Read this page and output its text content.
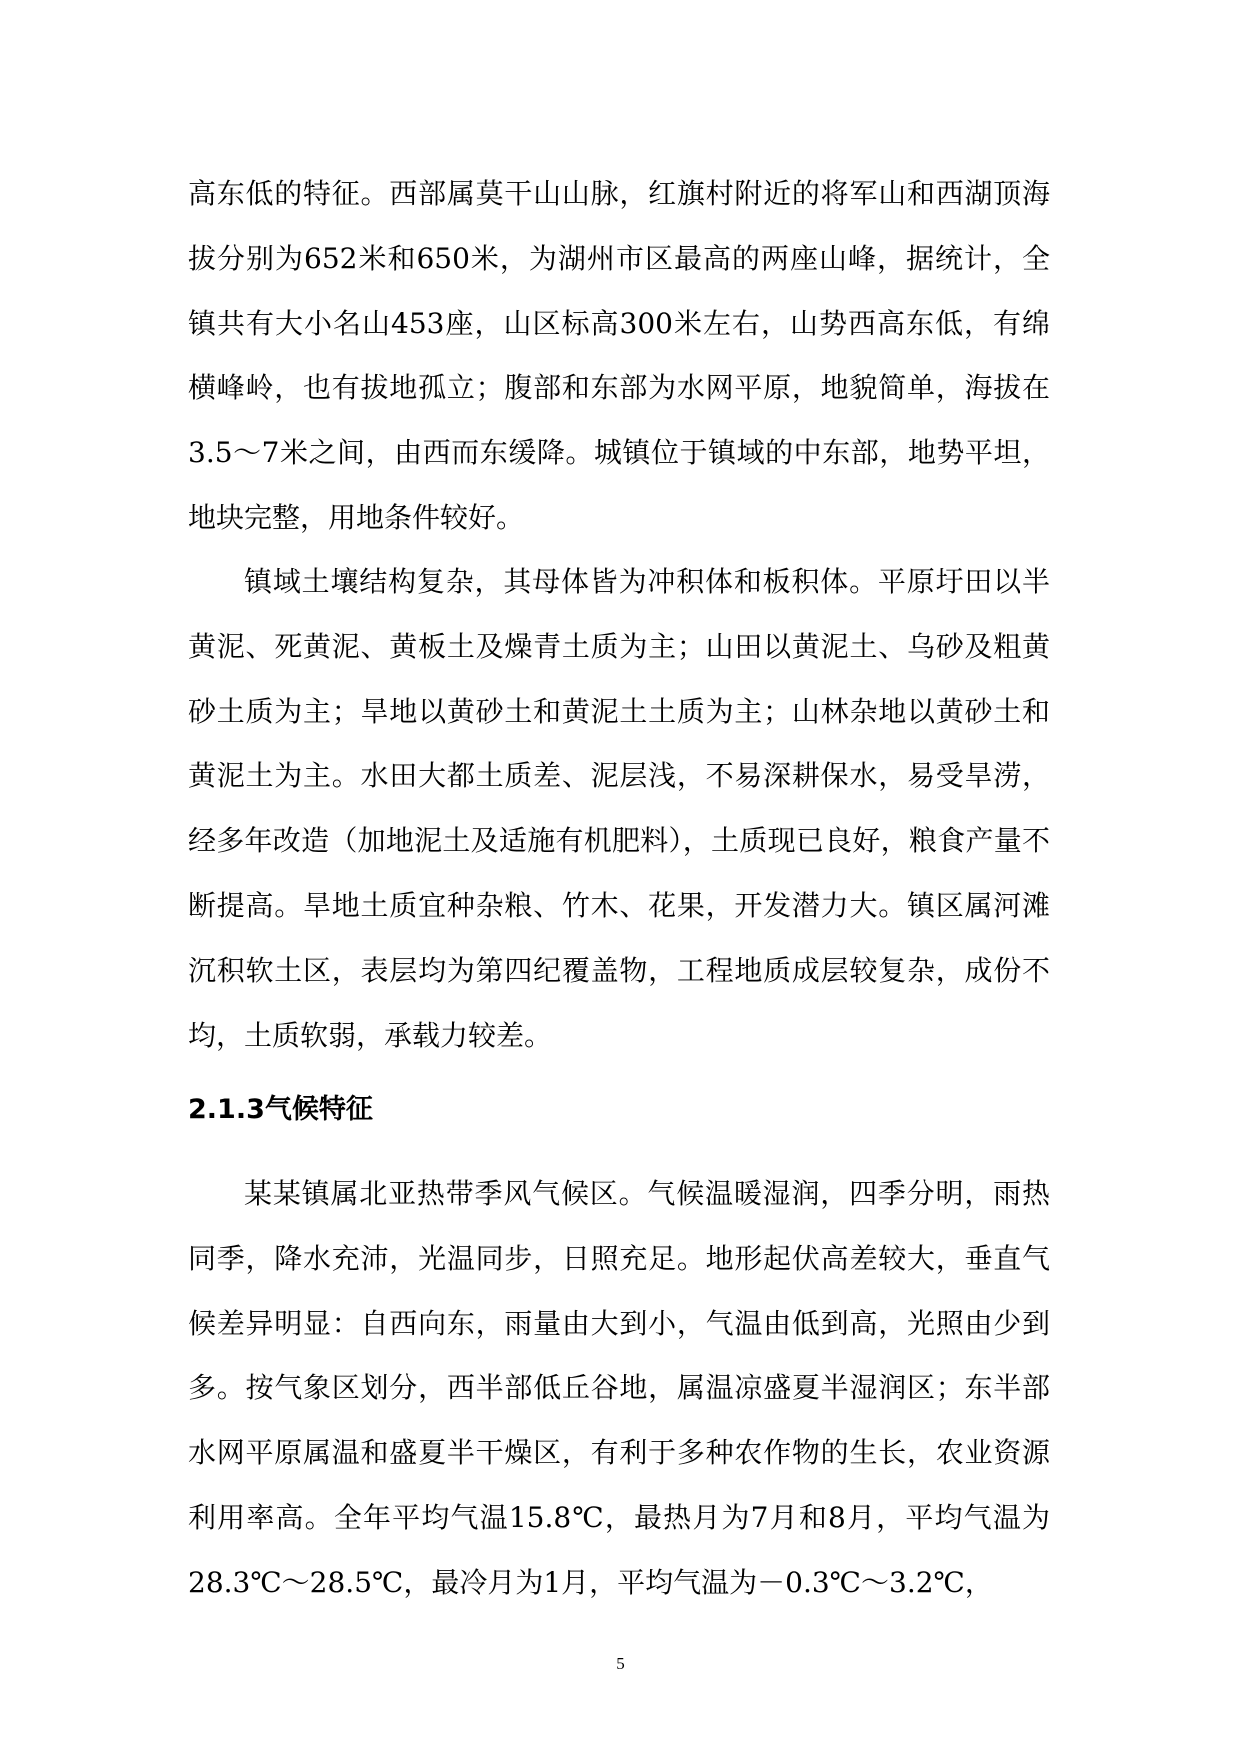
高东低的特征。西部属莫干山山脉，红旗村附近的将军山和西湖顶海拔分别为652米和650米，为湖州市区最高的两座山峰，据统计，全镇共有大小名山453座，山区标高300米左右，山势西高东低，有绵横峰岭，也有拔地孤立；腹部和东部为水网平原，地貌简单，海拔在3.5～7米之间，由西而东缓降。城镇位于镇域的中东部，地势平坦，地块完整，用地条件较好。

镇域土壤结构复杂，其母体皆为冲积体和板积体。平原圩田以半黄泥、死黄泥、黄板土及燥青土质为主；山田以黄泥土、乌砂及粗黄砂土质为主；旱地以黄砂土和黄泥土土质为主；山林杂地以黄砂土和黄泥土为主。水田大都土质差、泥层浅，不易深耕保水，易受旱涝，经多年改造（加地泥土及适施有机肥料），土质现已良好，粮食产量不断提高。旱地土质宜种杂粮、竹木、花果，开发潜力大。镇区属河滩沉积软土区，表层均为第四纪覆盖物，工程地质成层较复杂，成份不均，土质软弱，承载力较差。

2.1.3气候特征

某某镇属北亚热带季风气候区。气候温暖湿润，四季分明，雨热同季，降水充沛，光温同步，日照充足。地形起伏高差较大，垂直气候差异明显：自西向东，雨量由大到小，气温由低到高，光照由少到多。按气象区划分，西半部低丘谷地，属温凉盛夏半湿润区；东半部水网平原属温和盛夏半干燥区，有利于多种农作物的生长，农业资源利用率高。全年平均气温15.8℃，最热月为7月和8月，平均气温为28.3℃～28.5℃，最冷月为1月，平均气温为－0.3℃～3.2℃，

5
